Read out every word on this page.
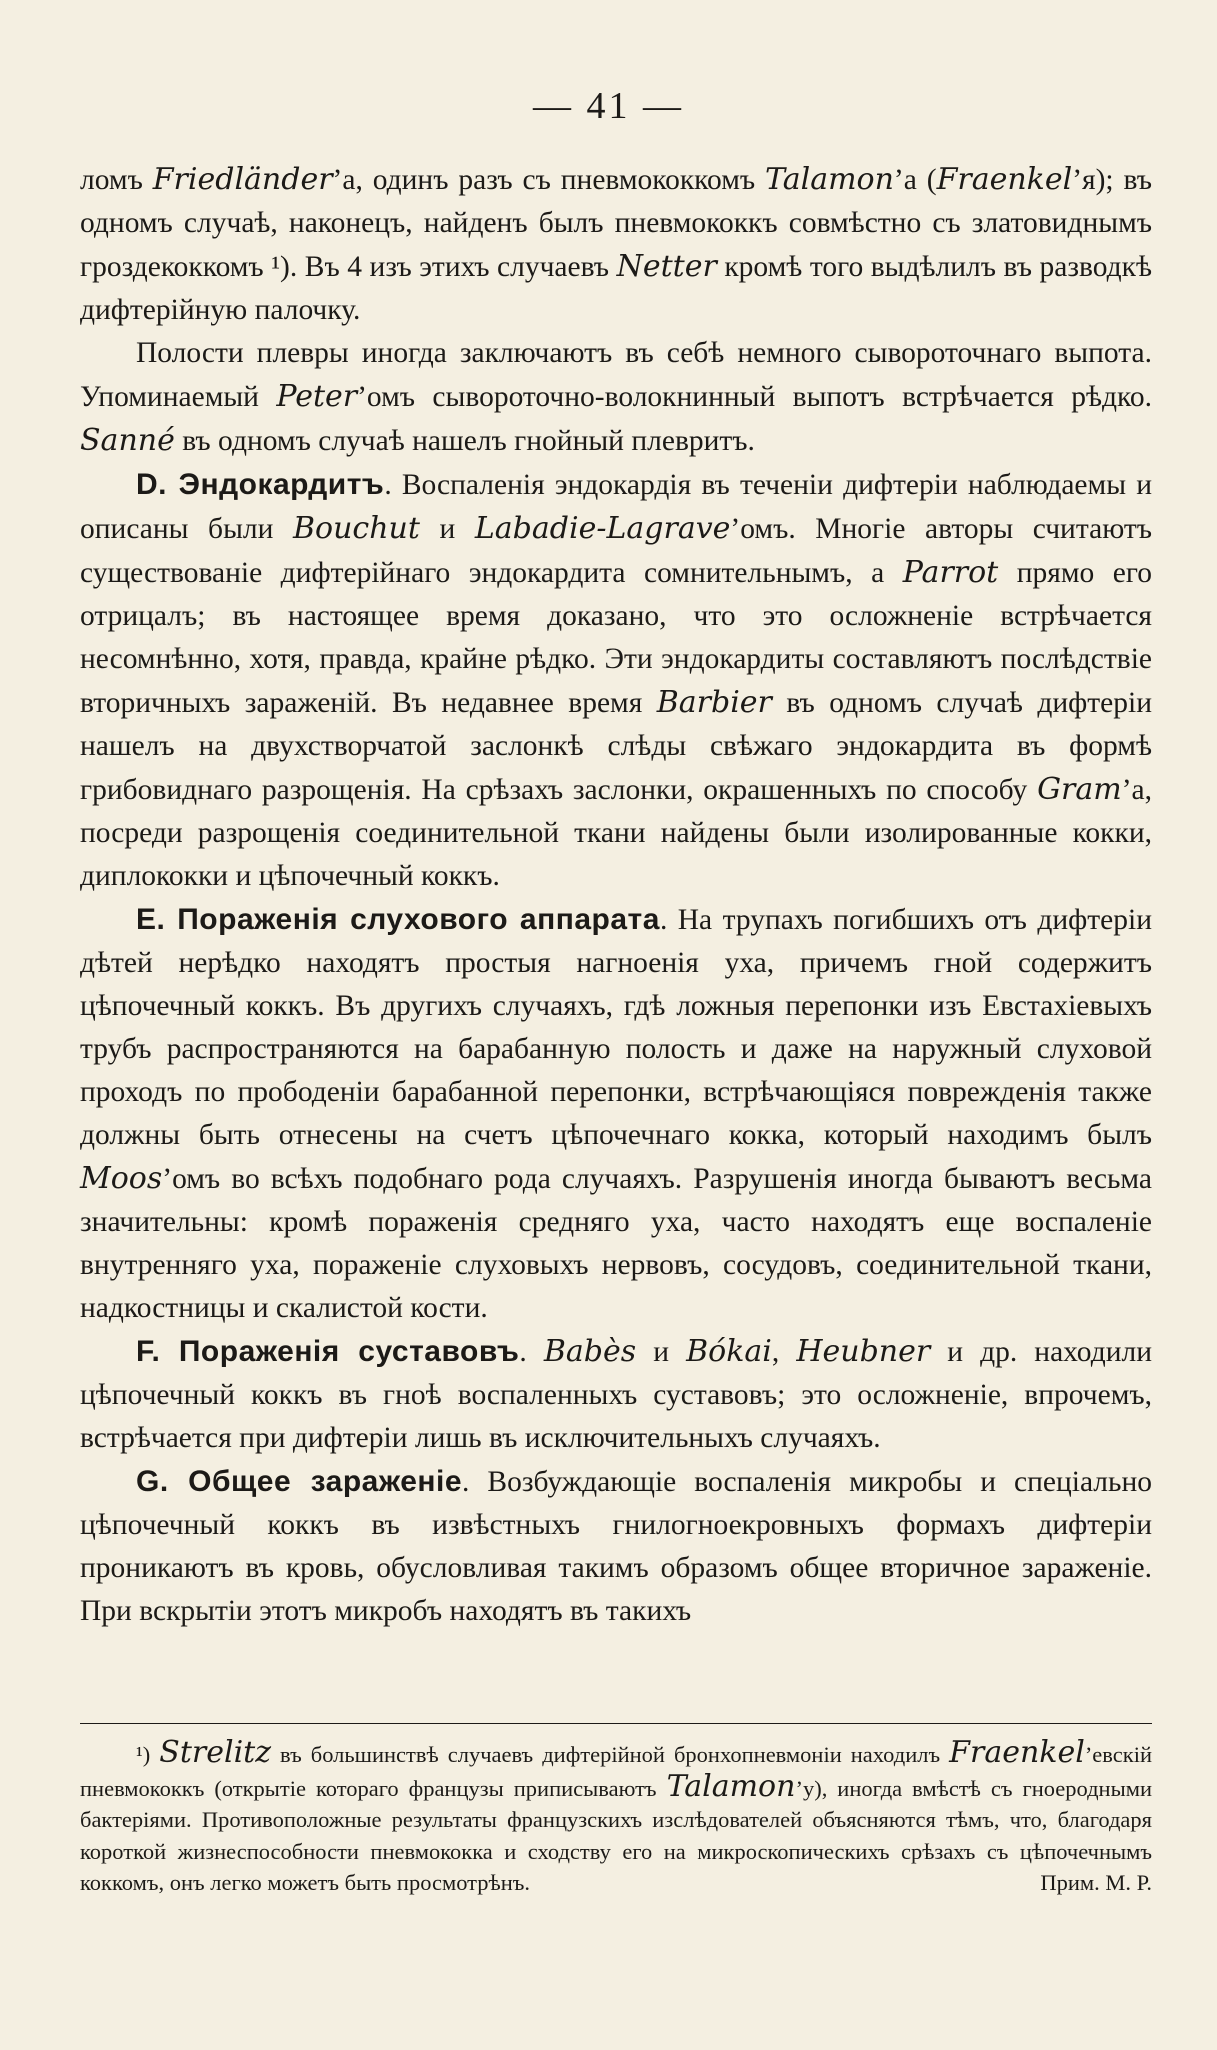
— 41 —

ломъ Friedländer’а, одинъ разъ съ пневмококкомъ Talamon’а (Fraenkel’я); въ одномъ случаѣ, наконецъ, найденъ былъ пневмококкъ совмѣстно съ златовиднымъ гроздекоккомъ ¹). Въ 4 изъ этихъ случаевъ Netter кромѣ того выдѣлилъ въ разводкѣ дифтерійную палочку.

Полости плевры иногда заключаютъ въ себѣ немного сывороточнаго выпота. Упоминаемый Peter’омъ сывороточно-волокнинный выпотъ встрѣчается рѣдко. Sanné въ одномъ случаѣ нашелъ гнойный плевритъ.

D. Эндокардитъ. Воспаленія эндокардія въ теченіи дифтеріи наблюдаемы и описаны были Bouchut и Labadie-Lagrave’омъ. Многіе авторы считаютъ существованіе дифтерійнаго эндокардита сомнительнымъ, а Parrot прямо его отрицалъ; въ настоящее время доказано, что это осложненіе встрѣчается несомнѣнно, хотя, правда, крайне рѣдко. Эти эндокардиты составляютъ послѣдствіе вторичныхъ зараженій. Въ недавнее время Barbier въ одномъ случаѣ дифтеріи нашелъ на двухстворчатой заслонкѣ слѣды свѣжаго эндокардита въ формѣ грибовиднаго разрощенія. На срѣзахъ заслонки, окрашенныхъ по способу Gram’а, посреди разрощенія соединительной ткани найдены были изолированные кокки, диплококки и цѣпочечный коккъ.

E. Пораженія слухового аппарата. На трупахъ погибшихъ отъ дифтеріи дѣтей нерѣдко находятъ простыя нагноенія уха, причемъ гной содержитъ цѣпочечный коккъ. Въ другихъ случаяхъ, гдѣ ложныя перепонки изъ Евстахіевыхъ трубъ распространяются на барабанную полость и даже на наружный слуховой проходъ по прободеніи барабанной перепонки, встрѣчающіяся поврежденія также должны быть отнесены на счетъ цѣпочечнаго кокка, который находимъ былъ Moos’омъ во всѣхъ подобнаго рода случаяхъ. Разрушенія иногда бываютъ весьма значительны: кромѣ пораженія средняго уха, часто находятъ еще воспаленіе внутренняго уха, пораженіе слуховыхъ нервовъ, сосудовъ, соединительной ткани, надкостницы и скалистой кости.

F. Пораженія суставовъ. Babès и Bókai, Heubner и др. находили цѣпочечный коккъ въ гноѣ воспаленныхъ суставовъ; это осложненіе, впрочемъ, встрѣчается при дифтеріи лишь въ исключительныхъ случаяхъ.

G. Общее зараженіе. Возбуждающіе воспаленія микробы и спеціально цѣпочечный коккъ въ извѣстныхъ гнилогноекровныхъ формахъ дифтеріи проникаютъ въ кровь, обусловливая такимъ образомъ общее вторичное зараженіе. При вскрытіи этотъ микробъ находятъ въ такихъ

¹) Strelitz въ большинствѣ случаевъ дифтерійной бронхопневмоніи находилъ Fraenkel’евскій пневмококкъ (открытіе котораго французы приписываютъ Talamon’у), иногда вмѣстѣ съ гноеродными бактеріями. Противоположные результаты французскихъ изслѣдователей объясняются тѣмъ, что, благодаря короткой жизнеспособности пневмококка и сходству его на микроскопическихъ срѣзахъ съ цѣпочечнымъ коккомъ, онъ легко можетъ быть просмотрѣнъ.	Прим. М. Р.
